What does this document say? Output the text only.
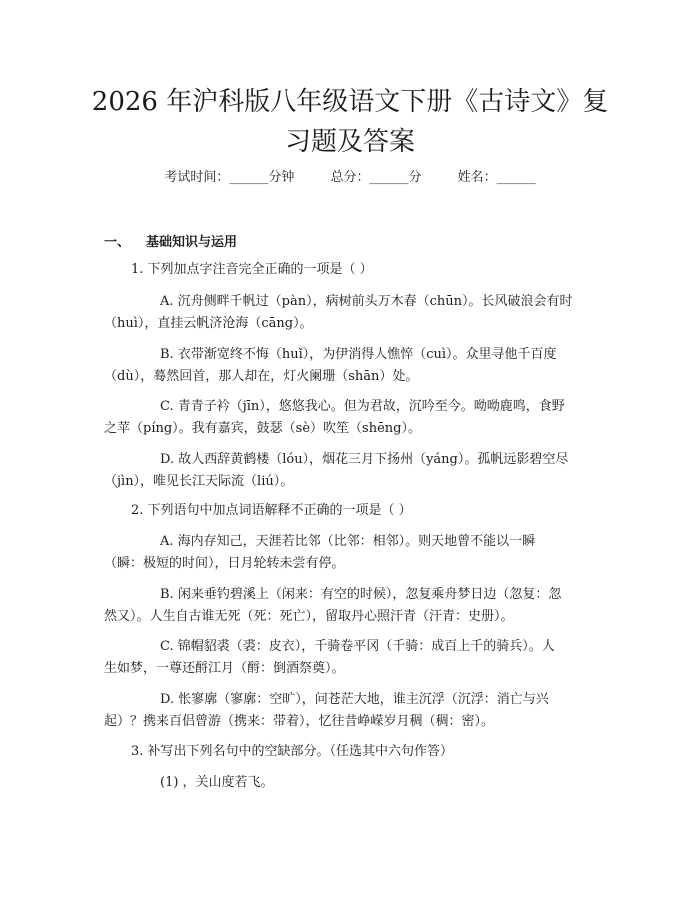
2026 年沪科版八年级语文下册《古诗文》复
习题及答案
考试时间：______分钟	总分：______分	姓名：______
一、 基础知识与运用
1. 下列加点字注音完全正确的一项是（ ）
A. 沉舟侧畔千帆过（pàn），病树前头万木春（chūn）。长风破浪会有时
（huì），直挂云帆济沧海（cāng）。
B. 衣带渐宽终不悔（huǐ），为伊消得人憔悴（cuì）。众里寻他千百度
（dù），蓦然回首，那人却在，灯火阑珊（shān）处。
C. 青青子衿（jīn），悠悠我心。但为君故，沉吟至今。呦呦鹿鸣，食野
之苹（píng）。我有嘉宾，鼓瑟（sè）吹笙（shēng）。
D. 故人西辞黄鹤楼（lóu），烟花三月下扬州（yáng）。孤帆远影碧空尽
（jìn），唯见长江天际流（liú）。
2. 下列语句中加点词语解释不正确的一项是（ ）
A. 海内存知己，天涯若比邻（比邻：相邻）。则天地曾不能以一瞬
（瞬：极短的时间），日月轮转未尝有停。
B. 闲来垂钓碧溪上（闲来：有空的时候），忽复乘舟梦日边（忽复：忽
然又）。人生自古谁无死（死：死亡），留取丹心照汗青（汗青：史册）。
C. 锦帽貂裘（裘：皮衣），千骑卷平冈（千骑：成百上千的骑兵）。人
生如梦，一尊还酹江月（酹：倒酒祭奠）。
D. 怅寥廓（寥廓：空旷），问苍茫大地，谁主沉浮（沉浮：消亡与兴
起）？携来百侣曾游（携来：带着），忆往昔峥嵘岁月稠（稠：密）。
3. 补写出下列名句中的空缺部分。（任选其中六句作答）
(1) ，关山度若飞。
